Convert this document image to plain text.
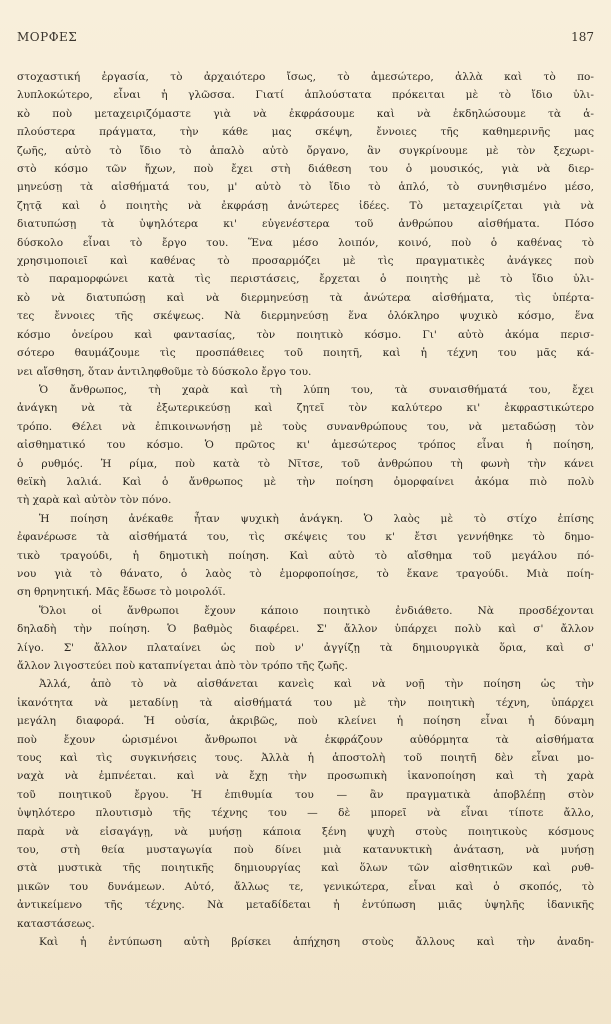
ΜΟΡΦΕΣ	187
στοχαστική ἐργασία, τὸ ἀρχαιότερο ἴσως, τὸ ἀμεσώτερο, ἀλλὰ καὶ τὸ πο-
λυπλοκώτερο, εἶναι ἡ γλῶσσα. Γιατί ἁπλούστατα πρόκειται μὲ τὸ ἴδιο ὑλι-
κὸ ποὺ μεταχειριζόμαστε γιὰ νὰ ἐκφράσουμε καὶ νὰ ἐκδηλώσουμε τὰ ἁ-
πλούστερα πράγματα, τὴν κάθε μας σκέψη, ἔννοιες τῆς καθημερινῆς μας
ζωῆς, αὐτὸ τὸ ἴδιο τὸ ἁπαλὸ αὐτὸ ὄργανο, ἂν συγκρίνουμε μὲ τὸν ξεχωρι-
στὸ κόσμο τῶν ἤχων, ποὺ ἔχει στὴ διάθεση του ὁ μουσικός, γιὰ νὰ διερ-
μηνεύσῃ τὰ αἰσθήματά του, μ' αὐτὸ τὸ ἴδιο τὸ ἁπλό, τὸ συνηθισμένο μέσο,
ζητᾷ καὶ ὁ ποιητὴς νὰ ἐκφράσῃ ἀνώτερες ἰδέες. Τὸ μεταχειρίζεται γιὰ νὰ
διατυπώσῃ τὰ ὑψηλότερα κι' εὐγενέστερα τοῦ ἀνθρώπου αἰσθήματα. Πόσο
δύσκολο εἶναι τὸ ἔργο του. Ἕνα μέσο λοιπόν, κοινό, ποὺ ὁ καθένας τὸ
χρησιμοποιεῖ καὶ καθένας τὸ προσαρμόζει μὲ τὶς πραγματικὲς ἀνάγκες ποὺ
τὸ παραμορφώνει κατὰ τὶς περιστάσεις, ἔρχεται ὁ ποιητὴς μὲ τὸ ἴδιο ὑλι-
κὸ νὰ διατυπώσῃ καὶ νὰ διερμηνεύσῃ τὰ ἀνώτερα αἰσθήματα, τὶς ὑπέρτα-
τες ἔννοιες τῆς σκέψεως. Νὰ διερμηνεύσῃ ἕνα ὁλόκληρο ψυχικὸ κόσμο, ἕνα
κόσμο ὀνείρου καὶ φαντασίας, τὸν ποιητικὸ κόσμο. Γι' αὐτὸ ἀκόμα περισ-
σότερο θαυμάζουμε τὶς προσπάθειες τοῦ ποιητῆ, καὶ ἡ τέχνη του μᾶς κά-
νει αἴσθηση, ὅταν ἀντιληφθοῦμε τὸ δύσκολο ἔργο του.
Ὁ ἄνθρωπος, τὴ χαρὰ καὶ τὴ λύπη του, τὰ συναισθήματά του, ἔχει
ἀνάγκη νὰ τὰ ἐξωτερικεύσῃ καὶ ζητεῖ τὸν καλύτερο κι' ἐκφραστικώτερο
τρόπο. Θέλει νὰ ἐπικοινωνήσῃ μὲ τοὺς συνανθρώπους του, νὰ μεταδώσῃ τὸν
αἰσθηματικό του κόσμο. Ὁ πρῶτος κι' ἀμεσώτερος τρόπος εἶναι ἡ ποίηση,
ὁ ρυθμός. Ἡ ρίμα, ποὺ κατὰ τὸ Νῖτσε, τοῦ ἀνθρώπου τὴ φωνὴ τὴν κάνει
θεϊκὴ λαλιά. Καὶ ὁ ἄνθρωπος μὲ τὴν ποίηση ὀμορφαίνει ἀκόμα πιὸ πολὺ
τὴ χαρὰ καὶ αὐτὸν τὸν πόνο.
Ἡ ποίηση ἀνέκαθε ἦταν ψυχικὴ ἀνάγκη. Ὁ λαὸς μὲ τὸ στίχο ἐπίσης
ἐφανέρωσε τὰ αἰσθήματά του, τὶς σκέψεις του κ' ἔτσι γεννήθηκε τὸ δημο-
τικὸ τραγούδι, ἡ δημοτικὴ ποίηση. Καὶ αὐτὸ τὸ αἴσθημα τοῦ μεγάλου πό-
νου γιὰ τὸ θάνατο, ὁ λαὸς τὸ ἐμορφοποίησε, τὸ ἔκανε τραγούδι. Μιὰ ποίη-
ση θρηνητική. Μᾶς ἔδωσε τὸ μοιρολόϊ.
Ὅλοι οἱ ἄνθρωποι ἔχουν κάποιο ποιητικὸ ἐνδιάθετο. Νὰ προσδέχονται
δηλαδὴ τὴν ποίηση. Ὁ βαθμὸς διαφέρει. Σ' ἄλλον ὑπάρχει πολὺ καὶ σ' ἄλλον
λίγο. Σ' ἄλλον πλαταίνει ὡς ποὺ ν' ἀγγίζῃ τὰ δημιουργικὰ ὅρια, καὶ σ'
ἄλλον λιγοστεύει ποὺ καταπνίγεται ἀπὸ τὸν τρόπο τῆς ζωῆς.
Ἀλλά, ἀπὸ τὸ νὰ αἰσθάνεται κανεὶς καὶ νὰ νοῇ τὴν ποίηση ὡς τὴν
ἱκανότητα νὰ μεταδίνῃ τὰ αἰσθήματά του μὲ τὴν ποιητικὴ τέχνη, ὑπάρχει
μεγάλη διαφορά. Ἡ οὐσία, ἀκριβῶς, ποὺ κλείνει ἡ ποίηση εἶναι ἡ δύναμη
ποὺ ἔχουν ὡρισμένοι ἄνθρωποι νὰ ἐκφράζουν αὐθόρμητα τὰ αἰσθήματα
τους καὶ τὶς συγκινήσεις τους. Ἀλλὰ ἡ ἀποστολὴ τοῦ ποιητῆ δὲν εἶναι μο-
ναχὰ νὰ ἐμπνέεται. καὶ νὰ ἔχῃ τὴν προσωπικὴ ἱκανοποίηση καὶ τὴ χαρὰ
τοῦ ποιητικοῦ ἔργου. Ἡ ἐπιθυμία του — ἂν πραγματικὰ ἀποβλέπῃ στὸν
ὑψηλότερο πλουτισμὸ τῆς τέχνης του — δὲ μπορεῖ νὰ εἶναι τίποτε ἄλλο,
παρὰ νὰ εἰσαγάγῃ, νὰ μυήσῃ κάποια ξένη ψυχὴ στοὺς ποιητικοὺς κόσμους
του, στὴ θεία μυσταγωγία ποὺ δίνει μιὰ κατανυκτικὴ ἀνάταση, νὰ μυήσῃ
στὰ μυστικὰ τῆς ποιητικῆς δημιουργίας καὶ ὅλων τῶν αἰσθητικῶν καὶ ρυθ-
μικῶν του δυνάμεων. Αὐτό, ἄλλως τε, γενικώτερα, εἶναι καὶ ὁ σκοπός, τὸ
ἀντικείμενο τῆς τέχνης. Νὰ μεταδίδεται ἡ ἐντύπωση μιᾶς ὑψηλῆς ἰδανικῆς
καταστάσεως.
Καὶ ἡ ἐντύπωση αὐτὴ βρίσκει ἀπήχηση στοὺς ἄλλους καὶ τὴν ἀναδη-
